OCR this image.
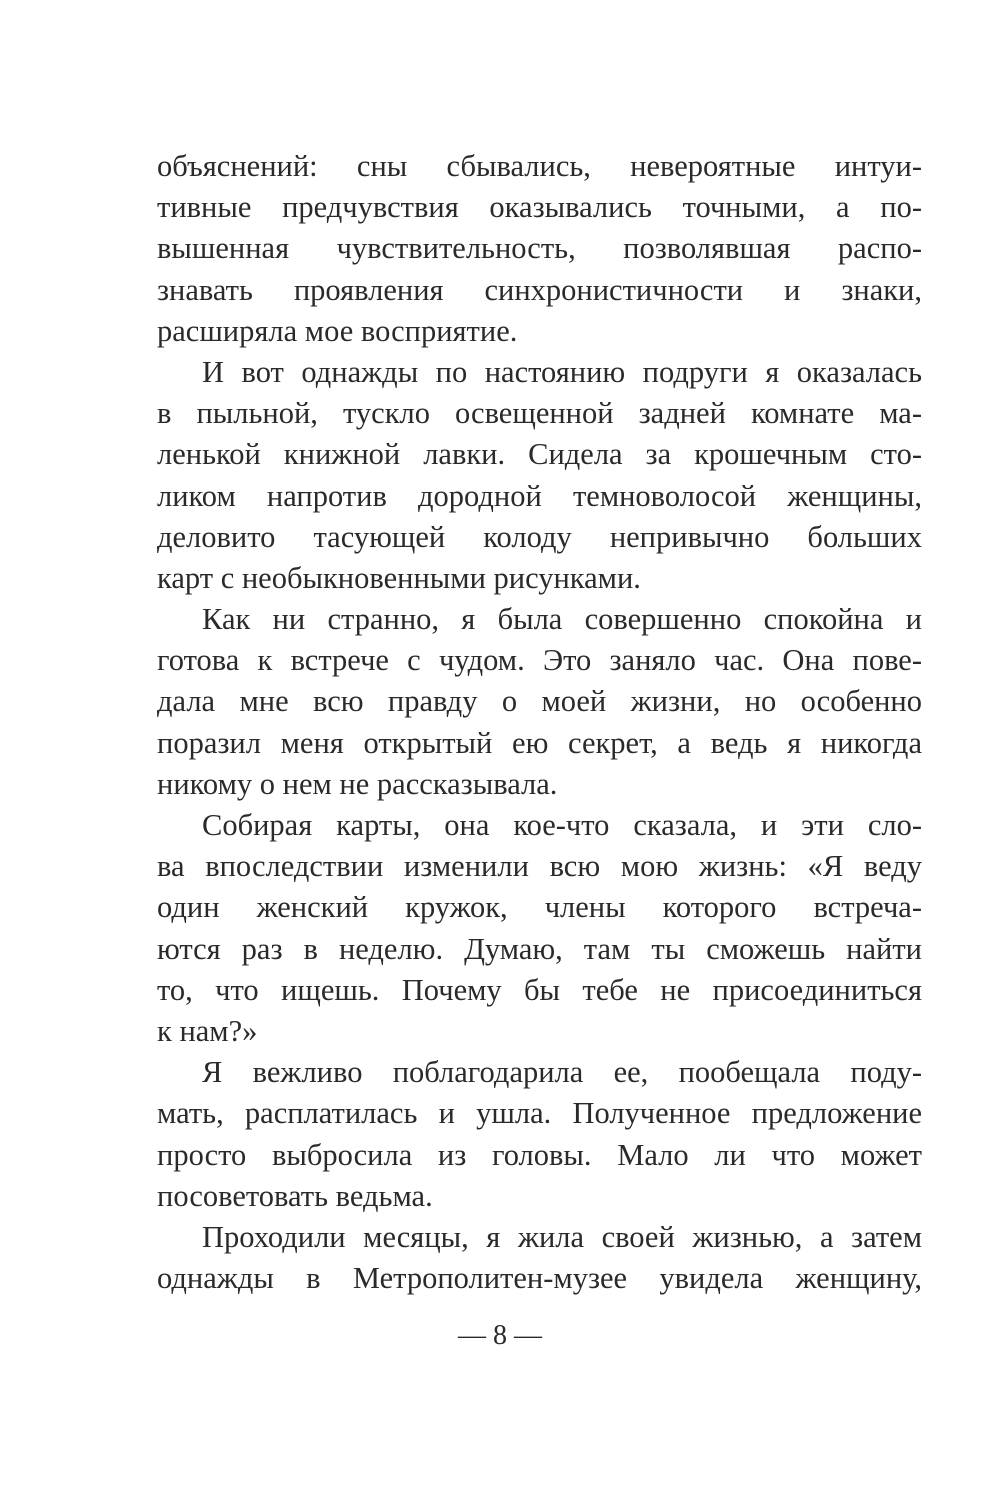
объяснений: сны сбывались, невероятные интуи-
тивные предчувствия оказывались точными, а по-
вышенная чувствительность, позволявшая распо-
знавать проявления синхронистичности и знаки,
расширяла мое восприятие.
И вот однажды по настоянию подруги я оказалась
в пыльной, тускло освещенной задней комнате ма-
ленькой книжной лавки. Сидела за крошечным сто-
ликом напротив дородной темноволосой женщины,
деловито тасующей колоду непривычно больших
карт с необыкновенными рисунками.
Как ни странно, я была совершенно спокойна и
готова к встрече с чудом. Это заняло час. Она пове-
дала мне всю правду о моей жизни, но особенно
поразил меня открытый ею секрет, а ведь я никогда
никому о нем не рассказывала.
Собирая карты, она кое-что сказала, и эти сло-
ва впоследствии изменили всю мою жизнь: «Я веду
один женский кружок, члены которого встреча-
ются раз в неделю. Думаю, там ты сможешь найти
то, что ищешь. Почему бы тебе не присоединиться
к нам?»
Я вежливо поблагодарила ее, пообещала поду-
мать, расплатилась и ушла. Полученное предложение
просто выбросила из головы. Мало ли что может
посоветовать ведьма.
Проходили месяцы, я жила своей жизнью, а затем
однажды в Метрополитен-музее увидела женщину,
— 8 —
